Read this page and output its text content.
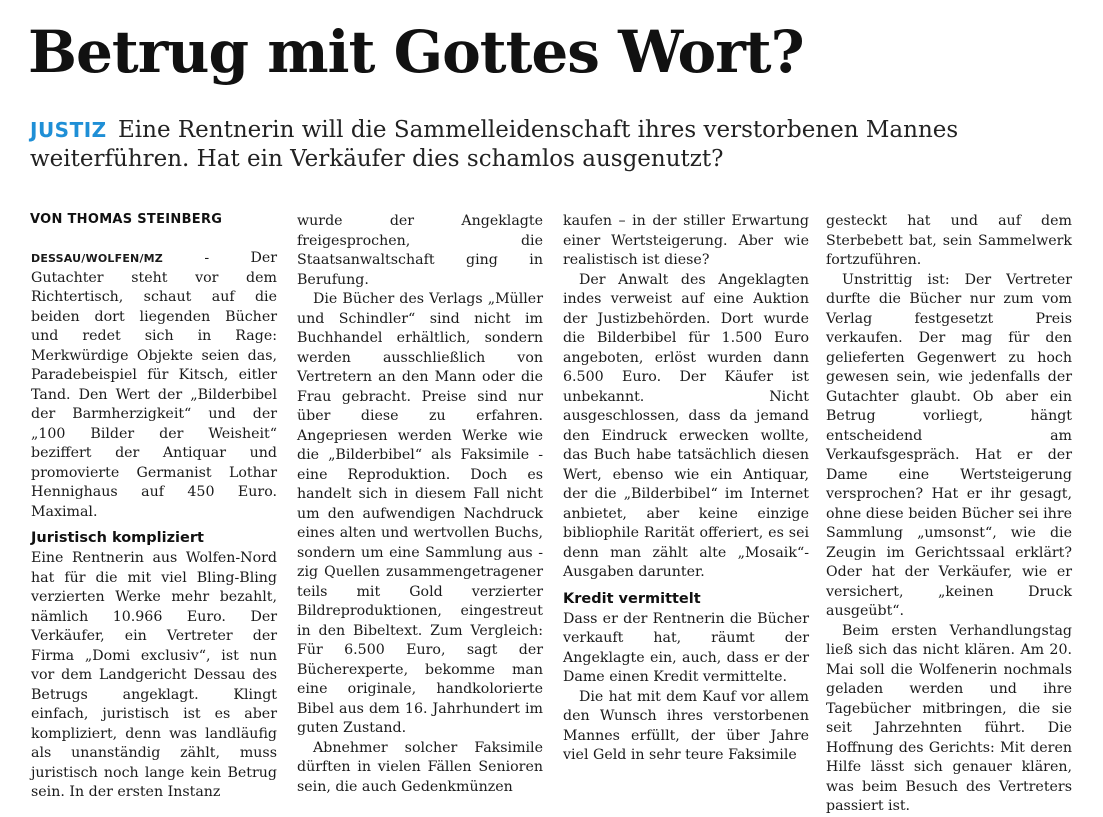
Betrug mit Gottes Wort?

JUSTIZ Eine Rentnerin will die Sammelleidenschaft ihres verstorbenen Mannes weiterführen. Hat ein Verkäufer dies schamlos ausgenutzt?

VON THOMAS STEINBERG

DESSAU/WOLFEN/MZ - Der Gutachter steht vor dem Richtertisch, schaut auf die beiden dort liegenden Bücher und redet sich in Rage: Merkwürdige Objekte seien das, Paradebeispiel für Kitsch, eitler Tand. Den Wert der „Bilderbibel der Barmherzigkeit“ und der „100 Bilder der Weisheit“ beziffert der Antiquar und promovierte Germanist Lothar Hennighaus auf 450 Euro. Maximal.

Juristisch kompliziert

Eine Rentnerin aus Wolfen-Nord hat für die mit viel Bling-Bling verzierten Werke mehr bezahlt, nämlich 10.966 Euro. Der Verkäufer, ein Vertreter der Firma „Domi exclusiv“, ist nun vor dem Landgericht Dessau des Betrugs angeklagt. Klingt einfach, juristisch ist es aber kompliziert, denn was landläufig als unanständig zählt, muss juristisch noch lange kein Betrug sein. In der ersten Instanz

wurde der Angeklagte freigesprochen, die Staatsanwaltschaft ging in Berufung.

Die Bücher des Verlags „Müller und Schindler“ sind nicht im Buchhandel erhältlich, sondern werden ausschließlich von Vertretern an den Mann oder die Frau gebracht. Preise sind nur über diese zu erfahren. Angepriesen werden Werke wie die „Bilderbibel“ als Faksimile - eine Reproduktion. Doch es handelt sich in diesem Fall nicht um den aufwendigen Nachdruck eines alten und wertvollen Buchs, sondern um eine Sammlung aus -zig Quellen zusammengetragener teils mit Gold verzierter Bildreproduktionen, eingestreut in den Bibeltext. Zum Vergleich: Für 6.500 Euro, sagt der Bücherexperte, bekomme man eine originale, handkolorierte Bibel aus dem 16. Jahrhundert im guten Zustand.

Abnehmer solcher Faksimile dürften in vielen Fällen Senioren sein, die auch Gedenkmünzen

kaufen – in der stiller Erwartung einer Wertsteigerung. Aber wie realistisch ist diese?

Der Anwalt des Angeklagten indes verweist auf eine Auktion der Justizbehörden. Dort wurde die Bilderbibel für 1.500 Euro angeboten, erlöst wurden dann 6.500 Euro. Der Käufer ist unbekannt. Nicht ausgeschlossen, dass da jemand den Eindruck erwecken wollte, das Buch habe tatsächlich diesen Wert, ebenso wie ein Antiquar, der die „Bilderbibel“ im Internet anbietet, aber keine einzige bibliophile Rarität offeriert, es sei denn man zählt alte „Mosaik“-Ausgaben darunter.

Kredit vermittelt

Dass er der Rentnerin die Bücher verkauft hat, räumt der Angeklagte ein, auch, dass er der Dame einen Kredit vermittelte.

Die hat mit dem Kauf vor allem den Wunsch ihres verstorbenen Mannes erfüllt, der über Jahre viel Geld in sehr teure Faksimile

gesteckt hat und auf dem Sterbebett bat, sein Sammelwerk fortzuführen.

Unstrittig ist: Der Vertreter durfte die Bücher nur zum vom Verlag festgesetzt Preis verkaufen. Der mag für den gelieferten Gegenwert zu hoch gewesen sein, wie jedenfalls der Gutachter glaubt. Ob aber ein Betrug vorliegt, hängt entscheidend am Verkaufsgespräch. Hat er der Dame eine Wertsteigerung versprochen? Hat er ihr gesagt, ohne diese beiden Bücher sei ihre Sammlung „umsonst“, wie die Zeugin im Gerichtssaal erklärt? Oder hat der Verkäufer, wie er versichert, „keinen Druck ausgeübt“.

Beim ersten Verhandlungstag ließ sich das nicht klären. Am 20. Mai soll die Wolfenerin nochmals geladen werden und ihre Tagebücher mitbringen, die sie seit Jahrzehnten führt. Die Hoffnung des Gerichts: Mit deren Hilfe lässt sich genauer klären, was beim Besuch des Vertreters passiert ist.
